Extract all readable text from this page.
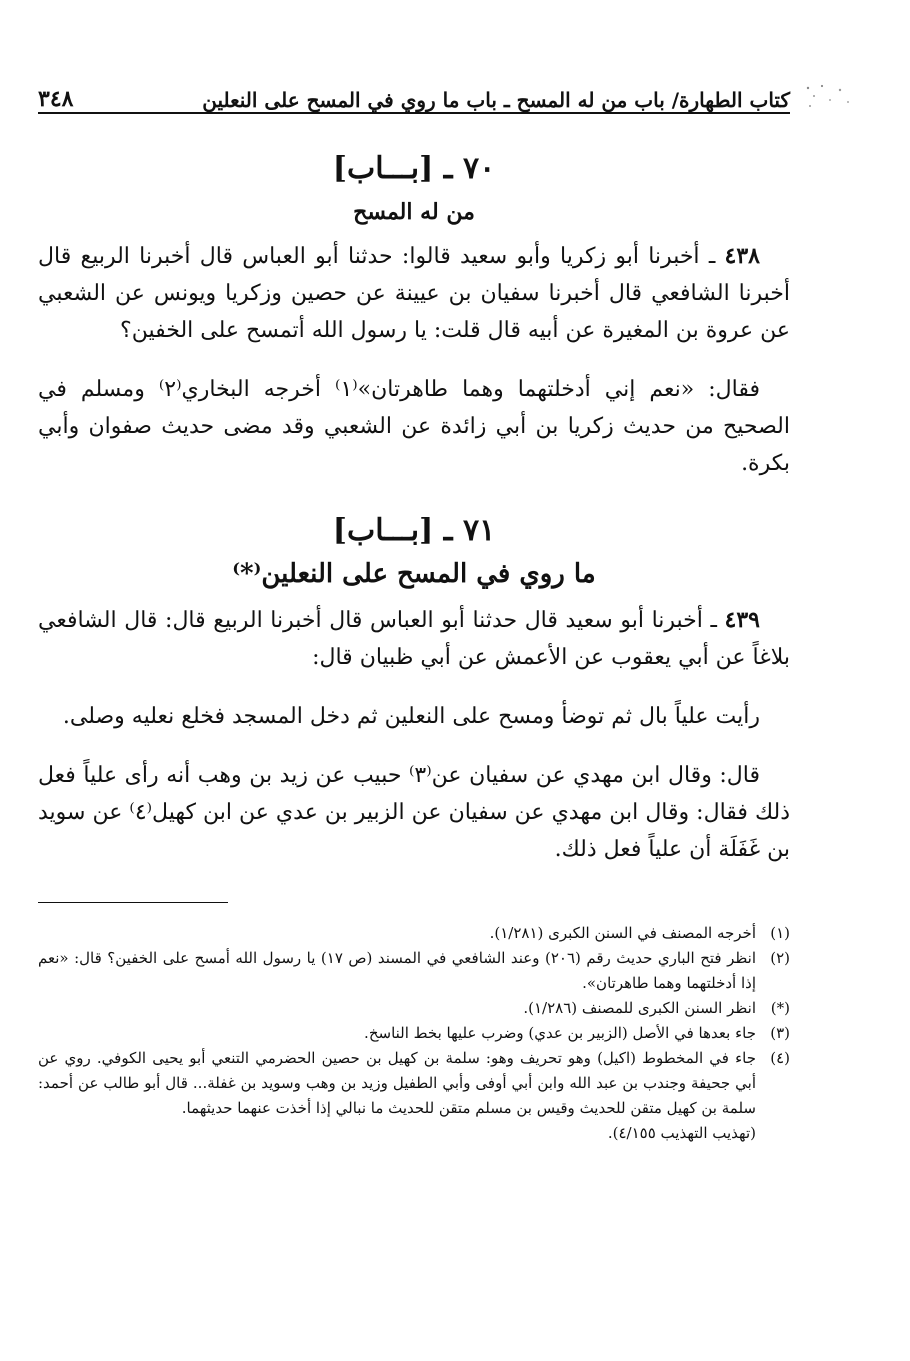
٣٤٨	كتاب الطهارة/ باب من له المسح ـ باب ما روي في المسح على النعلين
٧٠ ـ [بـــاب]
من له المسح

٤٣٨ ـ أخبرنا أبو زكريا وأبو سعيد قالوا: حدثنا أبو العباس قال أخبرنا الربيع قال أخبرنا الشافعي قال أخبرنا سفيان بن عيينة عن حصين وزكريا ويونس عن الشعبي عن عروة بن المغيرة عن أبيه قال قلت: يا رسول الله أتمسح على الخفين؟

فقال: «نعم إني أدخلتهما وهما طاهرتان»⁽١⁾ أخرجه البخاري⁽٢⁾ ومسلم في الصحيح من حديث زكريا بن أبي زائدة عن الشعبي وقد مضى حديث صفوان وأبي بكرة.

٧١ ـ [بـــاب]
ما روي في المسح على النعلين⁽*⁾

٤٣٩ ـ أخبرنا أبو سعيد قال حدثنا أبو العباس قال أخبرنا الربيع قال: قال الشافعي بلاغاً عن أبي يعقوب عن الأعمش عن أبي ظبيان قال:

رأيت علياً بال ثم توضأ ومسح على النعلين ثم دخل المسجد فخلع نعليه وصلى.

قال: وقال ابن مهدي عن سفيان عن⁽٣⁾ حبيب عن زيد بن وهب أنه رأى علياً فعل ذلك فقال: وقال ابن مهدي عن سفيان عن الزبير بن عدي عن ابن كهيل⁽٤⁾ عن سويد بن غَفَلَة أن علياً فعل ذلك.

(١)
أخرجه المصنف في السنن الكبرى (١/٢٨١).
(٢)
انظر فتح الباري حديث رقم (٢٠٦) وعند الشافعي في المسند (ص ١٧) يا رسول الله أمسح على الخفين؟ قال: «نعم إذا أدخلتهما وهما طاهرتان».
(*)
انظر السنن الكبرى للمصنف (١/٢٨٦).
(٣)
جاء بعدها في الأصل (الزبير بن عدي) وضرب عليها بخط الناسخ.
(٤)
جاء في المخطوط (اكيل) وهو تحريف وهو: سلمة بن كهيل بن حصين الحضرمي التنعي أبو يحيى الكوفي. روي عن أبي جحيفة وجندب بن عبد الله وابن أبي أوفى وأبي الطفيل وزيد بن وهب وسويد بن غفلة... قال أبو طالب عن أحمد: سلمة بن كهيل متقن للحديث وقيس بن مسلم متقن للحديث ما نبالي إذا أخذت عنهما حديثهما.
(تهذيب التهذيب ٤/١٥٥).
